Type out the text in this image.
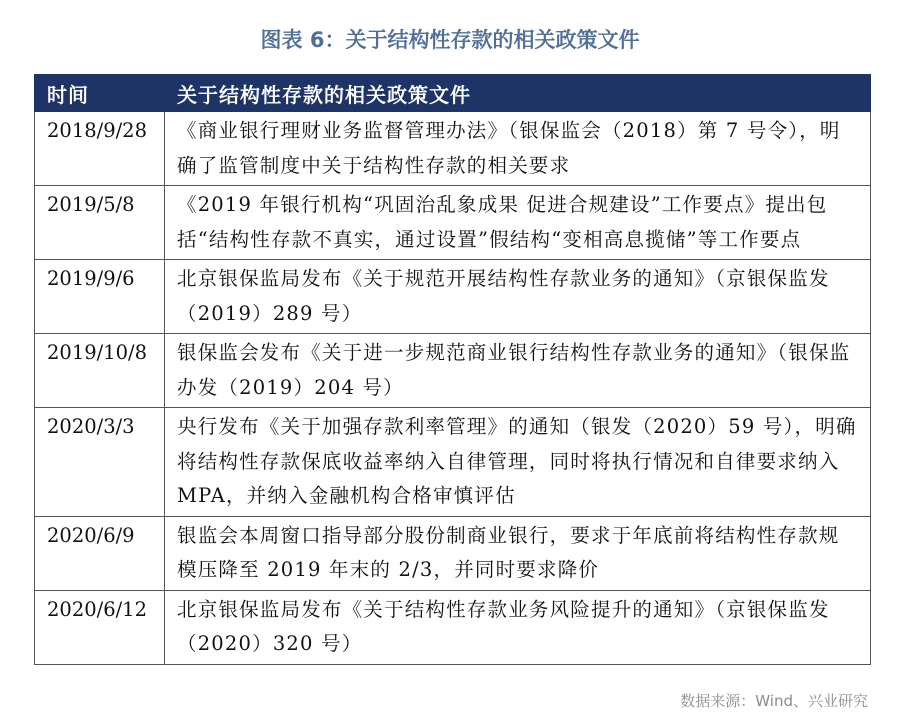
图表 6：关于结构性存款的相关政策文件
时间	关于结构性存款的相关政策文件
2018/9/28	《商业银行理财业务监督管理办法》（银保监会（2018）第 7 号令），明确了监管制度中关于结构性存款的相关要求
2019/5/8	《2019 年银行机构“巩固治乱象成果 促进合规建设”工作要点》提出包括“结构性存款不真实，通过设置”假结构“变相高息揽储”等工作要点
2019/9/6	北京银保监局发布《关于规范开展结构性存款业务的通知》（京银保监发（2019）289 号）
2019/10/8	银保监会发布《关于进一步规范商业银行结构性存款业务的通知》（银保监办发（2019）204 号）
2020/3/3	央行发布《关于加强存款利率管理》的通知（银发（2020）59 号），明确将结构性存款保底收益率纳入自律管理，同时将执行情况和自律要求纳入 MPA，并纳入金融机构合格审慎评估
2020/6/9	银监会本周窗口指导部分股份制商业银行，要求于年底前将结构性存款规模压降至 2019 年末的 2/3，并同时要求降价
2020/6/12	北京银保监局发布《关于结构性存款业务风险提升的通知》（京银保监发（2020）320 号）
数据来源：Wind、兴业研究
